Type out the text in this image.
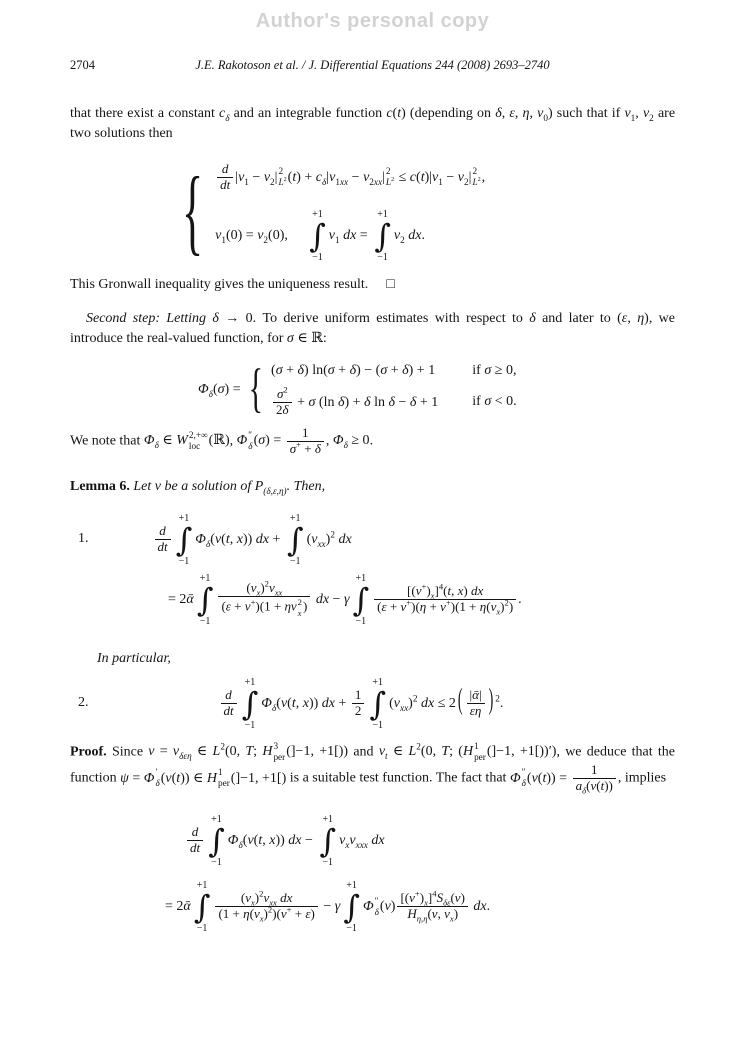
Author's personal copy
2704	J.E. Rakotoson et al. / J. Differential Equations 244 (2008) 2693–2740

that there exist a constant $c_\delta$ and an integrable function c(t) (depending on δ, ε, η, $v_0$) such that if $v_1$, $v_2$ are two solutions then

{ $\frac{d}{dt} |v_1 - v_2|$ 2
$L^2$ $(t) + c_\delta|v_{1xx} - v_{2xx}|$ 2
$L^2 \le c(t)|v_1 - v_2|$ 2
$L^2$ ,
$v_1(0) = v_2(0)$,
+1
∫
−1
$v_1$ dx =
+1
∫
−1
$v_2$ dx.

This Gronwall inequality gives the uniqueness result. □

Second step: Letting δ → 0. To derive uniform estimates with respect to δ and later to (ε, η), we introduce the real-valued function, for σ ∈ ℝ:

$\Phi_\delta(\sigma)$ = { (σ + δ) ln(σ + δ) − (σ + δ) + 1	if σ ≥ 0,
$\frac{\sigma^2}{2\delta} + \sigma$ (ln δ) + δ ln δ − δ + 1 if σ < 0.

We note that $\Phi_\delta$ ∈ W 2,+∞
loc (ℝ), Φ ″
δ $(\sigma) = \frac{1}{\sigma^+ + \delta}$ , $\Phi_\delta \ge 0$.

Lemma 6. Let v be a solution of $P_{(\delta,\varepsilon,\eta)}$. Then,

1.	$\frac{d}{dt}$
+1
∫
−1
$\Phi_\delta(v(t$, x)) dx +
+1
∫
−1
$(v_{xx})^2$ dx
= 2ᾱ
+1
∫
−1
$(v_x)^2v_{xx}$
(ε + v+)(1 + ηv 2
x ) dx − γ
+1
∫
−1
$\frac{[(v^+)_x]^4(t, x) dx}{(\varepsilon + v^+)(\eta + v^+)(1 + \eta(v_x)^2)}$ .

In particular,

2.	$\frac{d}{dt}$
+1
∫
−1
$\Phi_\delta(v(t$, x)) dx + $\frac{1}{2}$
+1
∫
−1
$(v_{xx})^2$ dx ≤ 2 ( $\frac{\text{|ᾱ|}}{\varepsilon\eta}$ ) $^2$.

Proof. Since $v = v_{\delta\varepsilon\eta}$ ∈ $L^2(0$, T; H 3
per (]−1, +1[)) and $v_t$ ∈ $L^2(0$, T; (H 1
per (]−1, +1[))′), we deduce that the function ψ = Φ ′
δ (v(t)) ∈ H 1
per (]−1, +1[) is a suitable test function. The fact that Φ ″
δ $(v(t)) = \frac{1}{a_\delta(v(t))}$ , implies

$\frac{d}{dt}$
+1
∫
−1
$\Phi_\delta(v(t$, x)) dx −
+1
∫
−1
$v_xv_{xxx}$ dx
= 2ᾱ
+1
∫
−1
$\frac{(v_x)^2v_{xx} dx}{(1 + \eta(v_x)^2)(v^+ + \varepsilon)} - \gamma$
+1
∫
−1
Φ ″
δ $(v) \frac{[(v^+)_x]^4S_{\delta\varepsilon}(v)}{H_{\eta,\eta}(v, v_x)}$ dx.
